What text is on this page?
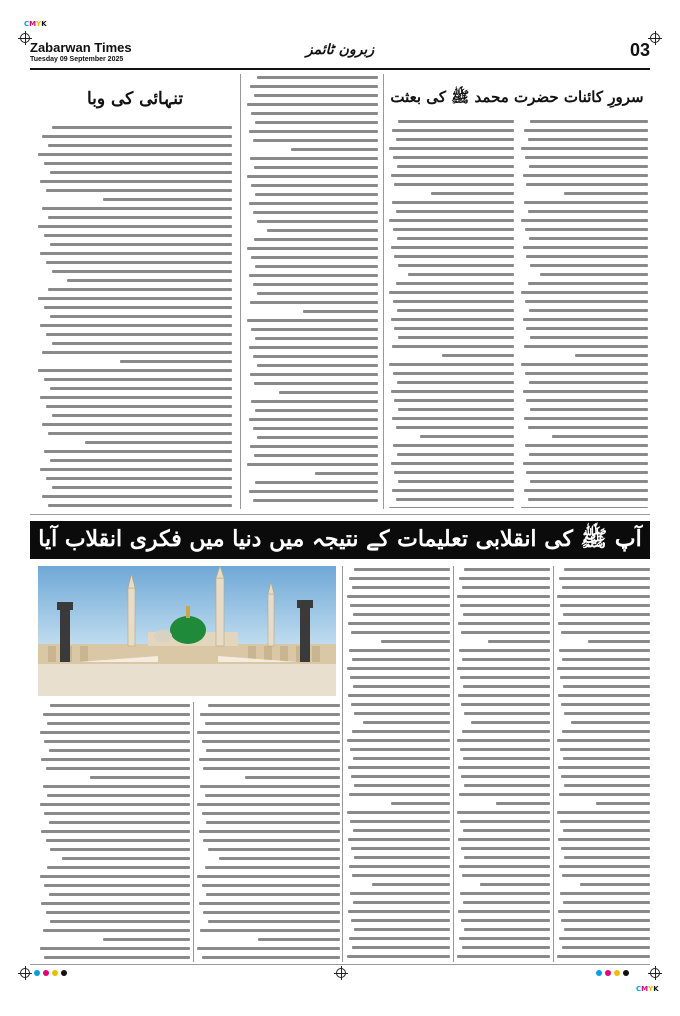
CMYK
CMYK
Zabarwan Times
Tuesday 09 September 2025
زبرون ٹائمز	03
تنہائی کی وبا	سرورِ کائنات حضرت محمد ﷺ کی بعثت
آپ ﷺ کی انقلابی تعلیمات کے نتیجہ میں دنیا میں فکری انقلاب آیا
